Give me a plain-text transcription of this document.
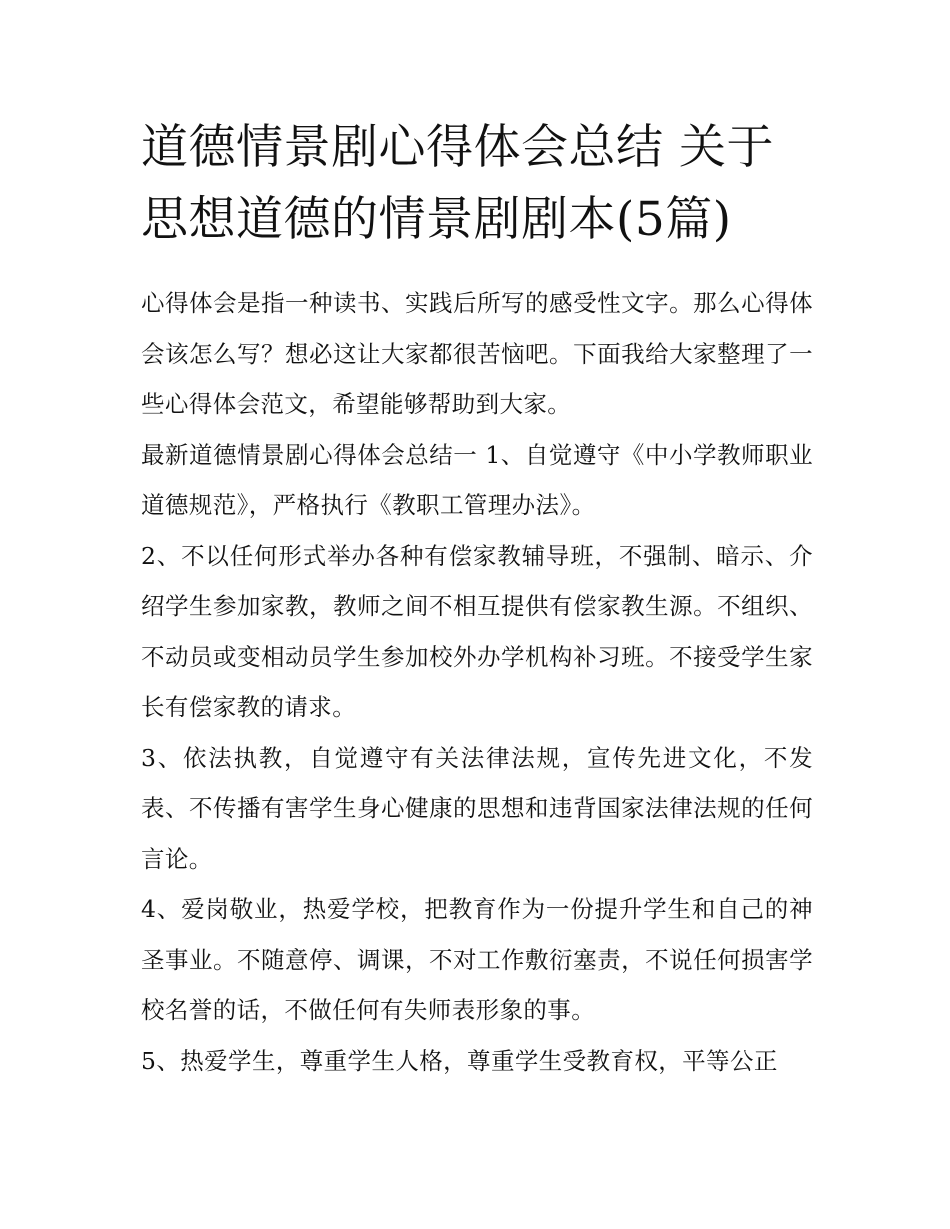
道德情景剧心得体会总结 关于思想道德的情景剧剧本(5篇)

心得体会是指一种读书、实践后所写的感受性文字。那么心得体会该怎么写？想必这让大家都很苦恼吧。下面我给大家整理了一些心得体会范文，希望能够帮助到大家。

最新道德情景剧心得体会总结一 1、自觉遵守《中小学教师职业道德规范》，严格执行《教职工管理办法》。

2、不以任何形式举办各种有偿家教辅导班，不强制、暗示、介绍学生参加家教，教师之间不相互提供有偿家教生源。不组织、不动员或变相动员学生参加校外办学机构补习班。不接受学生家长有偿家教的请求。

3、依法执教，自觉遵守有关法律法规，宣传先进文化，不发表、不传播有害学生身心健康的思想和违背国家法律法规的任何言论。

4、爱岗敬业，热爱学校，把教育作为一份提升学生和自己的神圣事业。不随意停、调课，不对工作敷衍塞责，不说任何损害学校名誉的话，不做任何有失师表形象的事。

5、热爱学生，尊重学生人格，尊重学生受教育权，平等公正
